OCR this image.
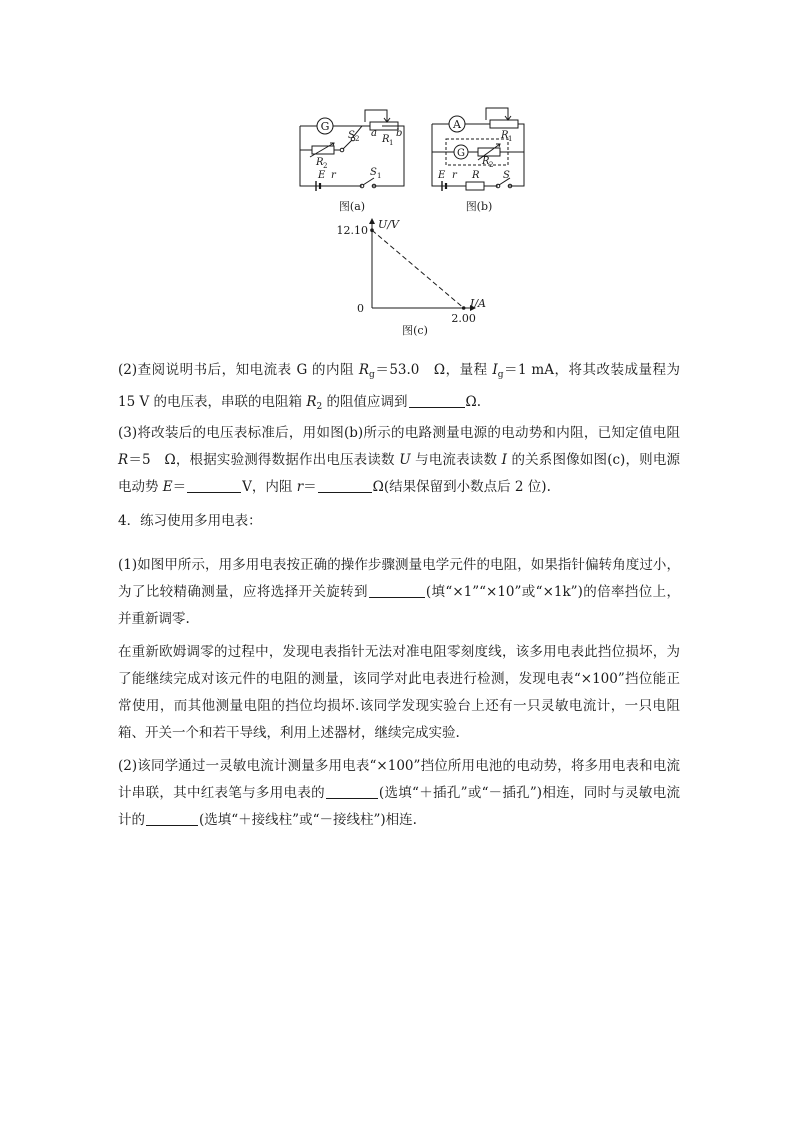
G
S 2
R 2
a b
R 1
E r	S 1
图(a)
A
G
R 1
R 2
E r R S
图(b)
U/V
I/A
0
12.10
2.00
图(c)

(2)查阅说明书后，知电流表 G 的内阻 $R_g=53.0$　Ω，量程 $I_g=1$ mA，将其改装成量程为 15 V 的电压表，串联的电阻箱 $R_2$ 的阻值应调到	Ω.

(3)将改装后的电压表标准后，用如图(b)所示的电路测量电源的电动势和内阻，已知定值电阻 R＝5　Ω，根据实验测得数据作出电压表读数 U 与电流表读数 I 的关系图像如图(c)，则电源电动势 E＝	V，内阻 r＝	Ω(结果保留到小数点后 2 位).

4．练习使用多用电表：

(1)如图甲所示，用多用电表按正确的操作步骤测量电学元件的电阻，如果指针偏转角度过小，为了比较精确测量，应将选择开关旋转到	(填“×1”“×10”或“×1k”)的倍率挡位上，并重新调零.

在重新欧姆调零的过程中，发现电表指针无法对准电阻零刻度线，该多用电表此挡位损坏，为了能继续完成对该元件的电阻的测量，该同学对此电表进行检测，发现电表“×100”挡位能正常使用，而其他测量电阻的挡位均损坏.该同学发现实验台上还有一只灵敏电流计，一只电阻箱、开关一个和若干导线，利用上述器材，继续完成实验.

(2)该同学通过一灵敏电流计测量多用电表“×100”挡位所用电池的电动势，将多用电表和电流计串联，其中红表笔与多用电表的	(选填“＋插孔”或“－插孔”)相连，同时与灵敏电流计的	(选填“＋接线柱”或“－接线柱”)相连.
